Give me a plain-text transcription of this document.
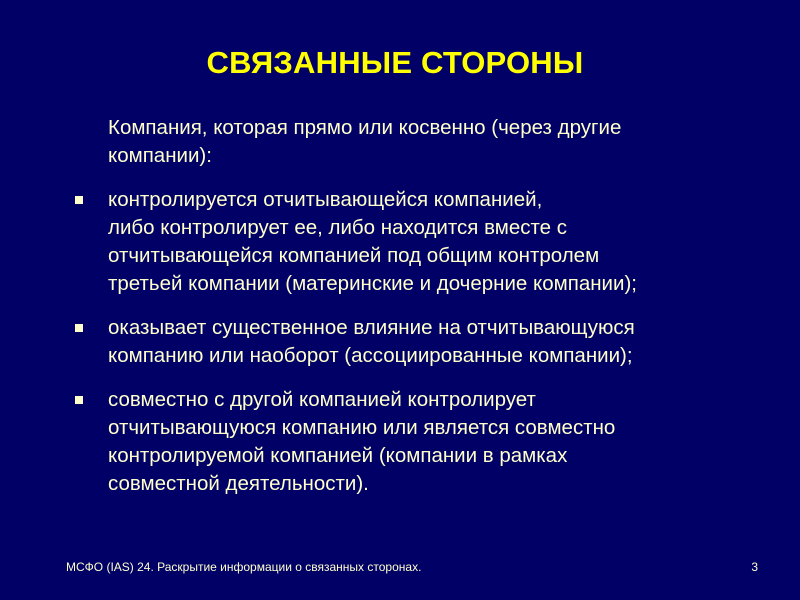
СВЯЗАННЫЕ СТОРОНЫ
Компания, которая прямо или косвенно (через другие
компании):
контролируется отчитывающейся компанией,
либо контролирует ее, либо находится вместе с
отчитывающейся компанией под общим контролем
третьей компании (материнские и дочерние компании);
оказывает существенное влияние на отчитывающуюся
компанию или наоборот (ассоциированные компании);
совместно с другой компанией контролирует
отчитывающуюся компанию или является совместно
контролируемой компанией (компании в рамках
совместной деятельности).
МСФО (IAS) 24. Раскрытие информации о связанных сторонах.	3
